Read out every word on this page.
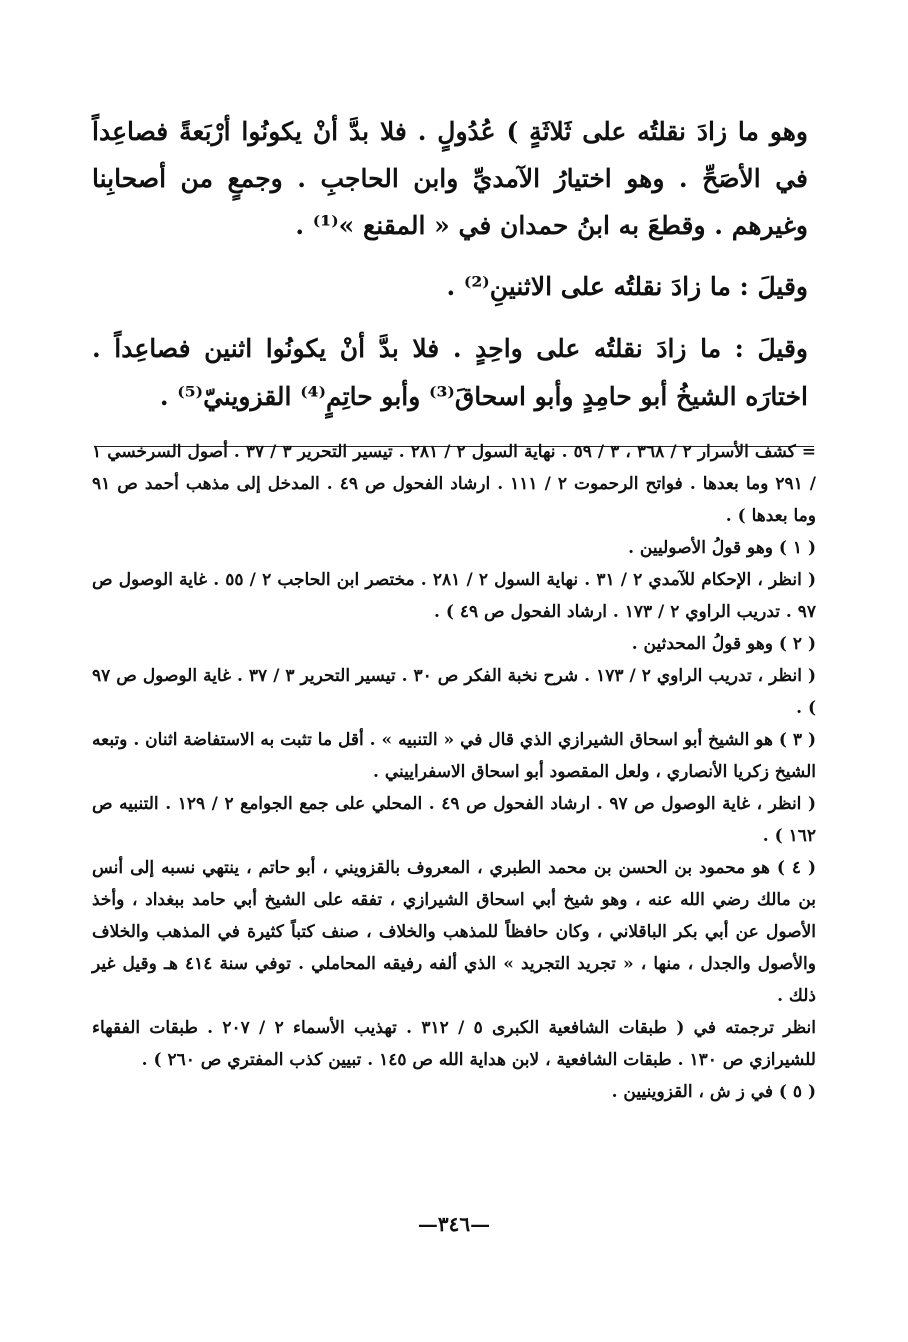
وهو ما زادَ نقلتُه على ثَلاثَةٍ ) عُدُولٍ . فلا بدَّ أنْ يكونُوا أرْبَعةً فصاعِداً في الأصَحِّ . وهو اختيارُ الآمديِّ وابن الحاجبِ . وجمعٍ من أصحابِنا وغيرهم . وقطعَ به ابنُ حمدان في « المقنع »⁽¹⁾ .

وقيلَ : ما زادَ نقلتُه على الاثنينِ⁽²⁾ .

وقيلَ : ما زادَ نقلتُه على واحِدٍ . فلا بدَّ أنْ يكونُوا اثنين فصاعِداً . اختارَه الشيخُ أبو حامِدٍ وأبو اسحاقَ⁽³⁾ وأبو حاتِمٍ⁽⁴⁾ القزوينيّ⁽⁵⁾ .

= كشف الأسرار ٢ / ٣٦٨ ، ٣ / ٥٩ . نهاية السول ٢ / ٢٨١ . تيسير التحرير ٣ / ٣٧ . أصول السرخسي ١ / ٢٩١ وما بعدها . فواتح الرحموت ٢ / ١١١ . ارشاد الفحول ص ٤٩ . المدخل إلى مذهب أحمد ص ٩١ وما بعدها ) .

( ١ ) وهو قولُ الأصوليين .

( انظر ، الإحكام للآمدي ٢ / ٣١ . نهاية السول ٢ / ٢٨١ . مختصر ابن الحاجب ٢ / ٥٥ . غاية الوصول ص ٩٧ . تدريب الراوي ٢ / ١٧٣ . ارشاد الفحول ص ٤٩ ) .

( ٢ ) وهو قولُ المحدثين .

( انظر ، تدريب الراوي ٢ / ١٧٣ . شرح نخبة الفكر ص ٣٠ . تيسير التحرير ٣ / ٣٧ . غاية الوصول ص ٩٧ ) .

( ٣ ) هو الشيخ أبو اسحاق الشيرازي الذي قال في « التنبيه » . أقل ما تثبت به الاستفاضة اثنان . وتبعه الشيخ زكريا الأنصاري ، ولعل المقصود أبو اسحاق الاسفراييني .

( انظر ، غاية الوصول ص ٩٧ . ارشاد الفحول ص ٤٩ . المحلي على جمع الجوامع ٢ / ١٢٩ . التنبيه ص ١٦٢ ) .

( ٤ ) هو محمود بن الحسن بن محمد الطبري ، المعروف بالقزويني ، أبو حاتم ، ينتهي نسبه إلى أنس بن مالك رضي الله عنه ، وهو شيخ أبي اسحاق الشيرازي ، تفقه على الشيخ أبي حامد ببغداد ، وأخذ الأصول عن أبي بكر الباقلاني ، وكان حافظاً للمذهب والخلاف ، صنف كتباً كثيرة في المذهب والخلاف والأصول والجدل ، منها ، « تجريد التجريد » الذي ألفه رفيقه المحاملي . توفي سنة ٤١٤ هـ وقيل غير ذلك .

انظر ترجمته في ( طبقات الشافعية الكبرى ٥ / ٣١٢ . تهذيب الأسماء ٢ / ٢٠٧ . طبقات الفقهاء للشيرازي ص ١٣٠ . طبقات الشافعية ، لابن هداية الله ص ١٤٥ . تبيين كذب المفتري ص ٢٦٠ ) .

( ٥ ) في ز ش ، القزوينيين .

—٣٤٦—
